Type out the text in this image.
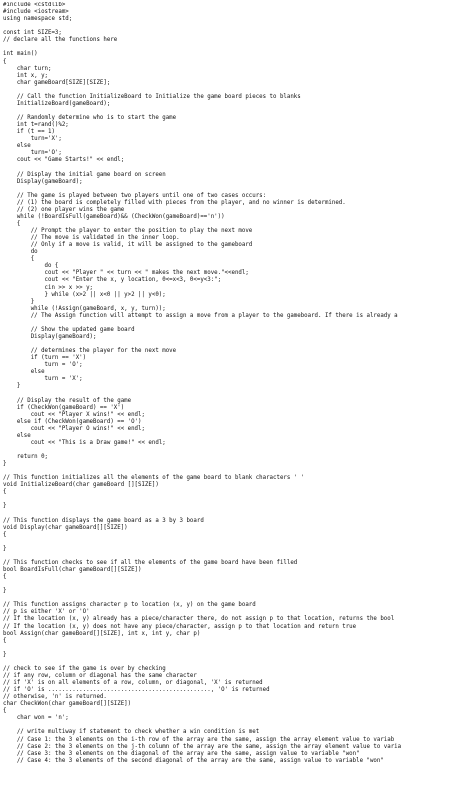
#include <cstdlib>
#include <iostream>
using namespace std;
const int SIZE=3;
// declare all the functions here
int main()
{
char turn;
int x, y;
char gameBoard[SIZE][SIZE];
// Call the function InitializeBoard to Initialize the game board pieces to blanks
InitializeBoard(gameBoard);
// Randomly determine who is to start the game
int t=rand()%2;
if (t == 1)
turn='X';
else
turn='O';
cout << "Game Starts!" << endl;
// Display the initial game board on screen
Display(gameBoard);
// The game is played between two players until one of two cases occurs:
// (1) the board is completely filled with pieces from the player, and no winner is determined.
// (2) one player wins the game
while (!BoardIsFull(gameBoard)&& (CheckWon(gameBoard)=='n'))
{
// Prompt the player to enter the position to play the next move
// The move is validated in the inner loop.
// Only if a move is valid, it will be assigned to the gameboard
do
{
do {
cout << "Player " << turn << " makes the next move."<<endl;
cout << "Enter the x, y location, 0<=x<3, 0<=y<3:";
cin >> x >> y;
} while (x>2 || x<0 || y>2 || y<0);
}
while (!Assign(gameBoard, x, y, turn));
// The Assign function will attempt to assign a move from a player to the gameboard. If there is already a
// Show the updated game board
Display(gameBoard);
// determines the player for the next move
if (turn == 'X')
turn = 'O';
else
turn = 'X';
}
// Display the result of the game
if (CheckWon(gameBoard) == 'X')
cout << "Player X wins!" << endl;
else if (CheckWon(gameBoard) == 'O')
cout << "Player O wins!" << endl;
else
cout << "This is a Draw game!" << endl;
return 0;
}
// This function initializes all the elements of the game board to blank characters ' '
void InitializeBoard(char gameBoard [][SIZE])
{
}
// This function displays the game board as a 3 by 3 board
void Display(char gameBoard[][SIZE])
{
}
// This function checks to see if all the elements of the game board have been filled
bool BoardIsFull(char gameBoard[][SIZE])
{
}
// This function assigns character p to location (x, y) on the game board
// p is either 'X' or 'O'
// If the location (x, y) already has a piece/character there, do not assign p to that location, returns the bool
// If the location (x, y) does not have any piece/character, assign p to that location and return true
bool Assign(char gameBoard[][SIZE], int x, int y, char p)
{
}
// check to see if the game is over by checking
// if any row, column or diagonal has the same character
// if 'X' is on all elements of a row, column, or diagonal, 'X' is returned
// if 'O' is ..............................................., 'O' is returned
// otherwise, 'n' is returned.
char CheckWon(char gameBoard[][SIZE])
{
char won = 'n';
// write multiway if statement to check whether a win condition is met
// Case 1: the 3 elements on the i-th row of the array are the same, assign the array element value to variab
// Case 2: the 3 elements on the j-th column of the array are the same, assign the array element value to varia
// Case 3: the 3 elements on the diagonal of the array are the same, assign value to variable "won"
// Case 4: the 3 elements of the second diagonal of the array are the same, assign value to variable "won"
